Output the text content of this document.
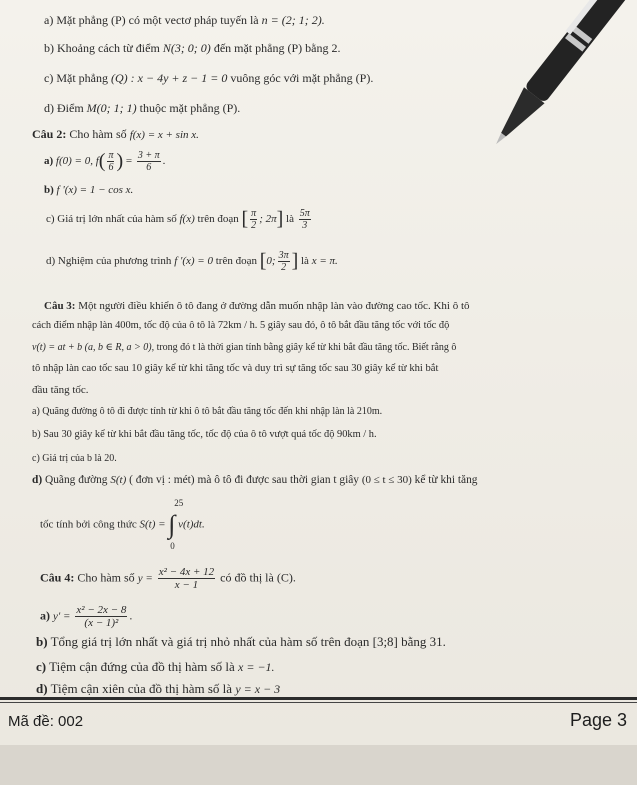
a) Mặt phẳng (P) có một vectơ pháp tuyến là n = (2; 1; 2).
b) Khoảng cách từ điểm N(3; 0; 0) đến mặt phẳng (P) bằng 2.
c) Mặt phẳng (Q) : x − 4y + z − 1 = 0 vuông góc với mặt phẳng (P).
d) Điểm M(0; 1; 1) thuộc mặt phẳng (P).
Câu 2: Cho hàm số f(x) = x + sin x.
a) f(0) = 0, $f( \frac{\pi}{6}$ ) = $\frac{3 + \pi}{6}$ .
b) f '(x) = 1 − cos x.
c) Giá trị lớn nhất của hàm số f(x) trên đoạn [ $\frac{\pi}{2}$ ; 2π] là $\frac{5\pi}{3}$
d) Nghiệm của phương trình f '(x) = 0 trên đoạn [0; $\frac{3\pi}{2}$ ] là x = π.
Câu 3: Một người điều khiển ô tô đang ở đường dẫn muốn nhập làn vào đường cao tốc. Khi ô tô
cách điểm nhập làn 400m, tốc độ của ô tô là 72km / h. 5 giây sau đó, ô tô bắt đầu tăng tốc với tốc độ
v(t) = at + b (a, b ∈ R, a > 0), trong đó t là thời gian tính bằng giây kể từ khi bắt đầu tăng tốc. Biết rằng ô
tô nhập làn cao tốc sau 10 giây kể từ khi tăng tốc và duy trì sự tăng tốc sau 30 giây kể từ khi bắt
đầu tăng tốc.
a) Quãng đường ô tô đi được tính từ khi ô tô bắt đầu tăng tốc đến khi nhập làn là 210m.
b) Sau 30 giây kể từ khi bắt đầu tăng tốc, tốc độ của ô tô vượt quá tốc độ 90km / h.
c) Giá trị của b là 20.
d) Quãng đường S(t) ( đơn vị : mét) mà ô tô đi được sau thời gian t giây (0 ≤ t ≤ 30) kể từ khi tăng
tốc tính bởi công thức S(t) = ∫
25
0
v(t)dt.
Câu 4: Cho hàm số $y = \frac{\text{x² − 4x + 12}}{x - 1}$ có đồ thị là (C).
a) $y' = \frac{\text{x² − 2x − 8}}{\text{(x − 1)²}}$ .
b) Tổng giá trị lớn nhất và giá trị nhỏ nhất của hàm số trên đoạn [3;8] bằng 31.
c) Tiệm cận đứng của đồ thị hàm số là x = −1.
d) Tiệm cận xiên của đồ thị hàm số là y = x − 3
Mã đề: 002	Page 3
